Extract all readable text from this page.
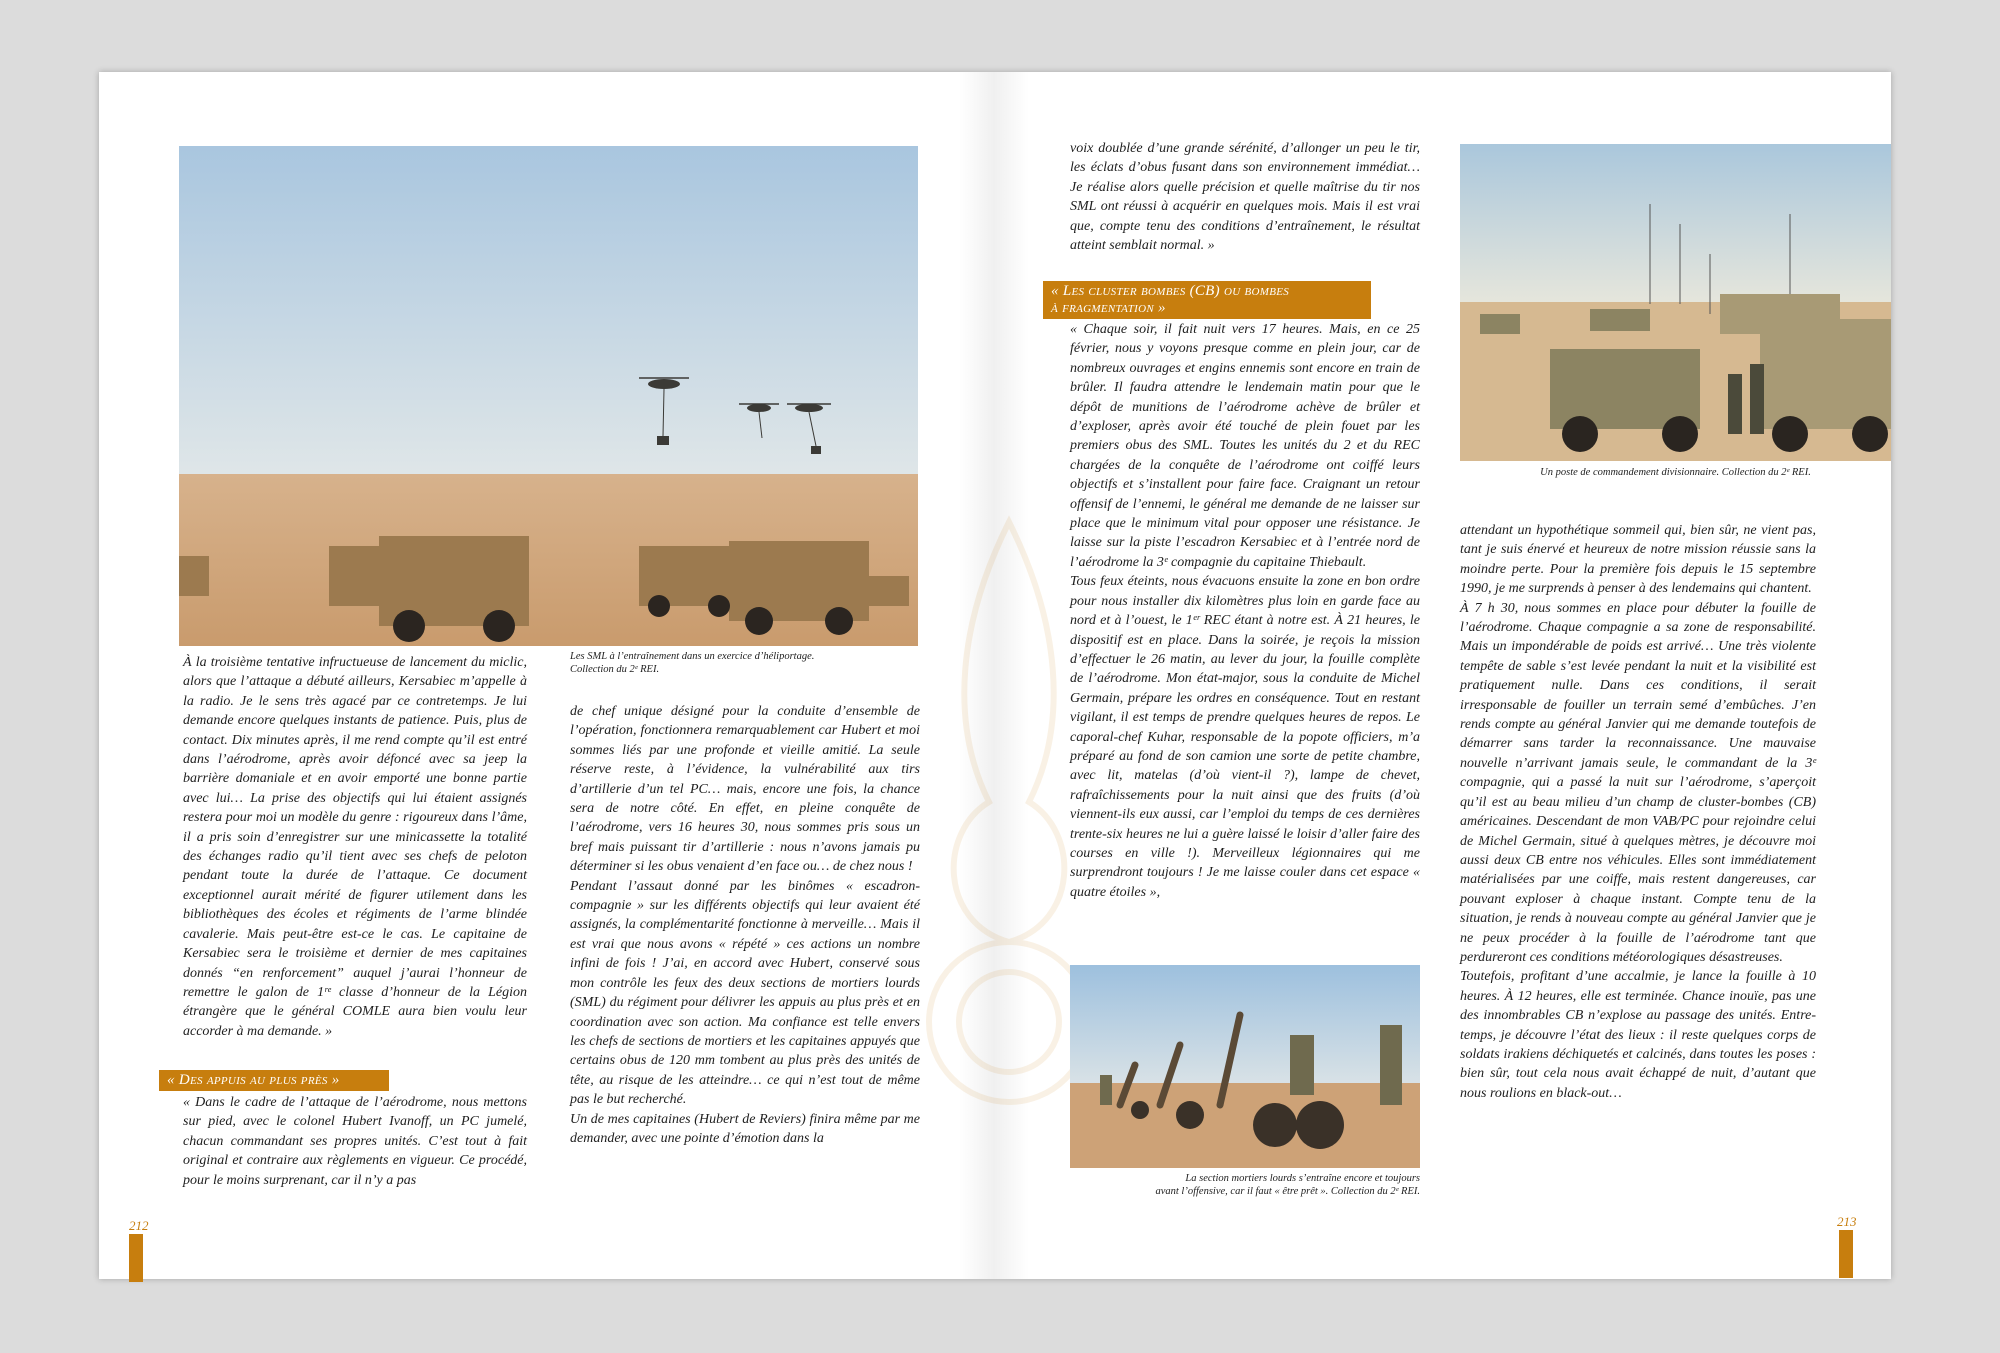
Les SML à l’entraînement dans un exercice d’héliportage.
Collection du 2ᵉ REI.

À la troisième tentative infructueuse de lancement du miclic, alors que l’attaque a débuté ailleurs, Kersabiec m’appelle à la radio. Je le sens très agacé par ce contretemps. Je lui demande encore quelques instants de patience. Puis, plus de contact. Dix minutes après, il me rend compte qu’il est entré dans l’aérodrome, après avoir défoncé avec sa jeep la barrière domaniale et en avoir emporté une bonne partie avec lui… La prise des objectifs qui lui étaient assignés restera pour moi un modèle du genre : rigoureux dans l’âme, il a pris soin d’enregistrer sur une minicassette la totalité des échanges radio qu’il tient avec ses chefs de peloton pendant toute la durée de l’attaque. Ce document exceptionnel aurait mérité de figurer utilement dans les bibliothèques des écoles et régiments de l’arme blindée cavalerie. Mais peut-être est-ce le cas. Le capitaine de Kersabiec sera le troisième et dernier de mes capitaines donnés “en renforcement” auquel j’aurai l’honneur de remettre le galon de 1ʳᵉ classe d’honneur de la Légion étrangère que le général COMLE aura bien voulu leur accorder à ma demande. »

« Des appuis au plus près »

« Dans le cadre de l’attaque de l’aérodrome, nous mettons sur pied, avec le colonel Hubert Ivanoff, un PC jumelé, chacun commandant ses propres unités. C’est tout à fait original et contraire aux règlements en vigueur. Ce procédé, pour le moins surprenant, car il n’y a pas

de chef unique désigné pour la conduite d’ensemble de l’opération, fonctionnera remarquablement car Hubert et moi sommes liés par une profonde et vieille amitié. La seule réserve reste, à l’évidence, la vulnérabilité aux tirs d’artillerie d’un tel PC… mais, encore une fois, la chance sera de notre côté. En effet, en pleine conquête de l’aérodrome, vers 16 heures 30, nous sommes pris sous un bref mais puissant tir d’artillerie : nous n’avons jamais pu déterminer si les obus venaient d’en face ou… de chez nous !

Pendant l’assaut donné par les binômes « escadron-compagnie » sur les différents objectifs qui leur avaient été assignés, la complémentarité fonctionne à merveille… Mais il est vrai que nous avons « répété » ces actions un nombre infini de fois ! J’ai, en accord avec Hubert, conservé sous mon contrôle les feux des deux sections de mortiers lourds (SML) du régiment pour délivrer les appuis au plus près et en coordination avec son action. Ma confiance est telle envers les chefs de sections de mortiers et les capitaines appuyés que certains obus de 120 mm tombent au plus près des unités de tête, au risque de les atteindre… ce qui n’est tout de même pas le but recherché.

Un de mes capitaines (Hubert de Reviers) finira même par me demander, avec une pointe d’émotion dans la

212

voix doublée d’une grande sérénité, d’allonger un peu le tir, les éclats d’obus fusant dans son environnement immédiat… Je réalise alors quelle précision et quelle maîtrise du tir nos SML ont réussi à acquérir en quelques mois. Mais il est vrai que, compte tenu des conditions d’entraînement, le résultat atteint semblait normal. »

« Les cluster bombes (CB) ou bombes
à fragmentation »

« Chaque soir, il fait nuit vers 17 heures. Mais, en ce 25 février, nous y voyons presque comme en plein jour, car de nombreux ouvrages et engins ennemis sont encore en train de brûler. Il faudra attendre le lendemain matin pour que le dépôt de munitions de l’aérodrome achève de brûler et d’exploser, après avoir été touché de plein fouet par les premiers obus des SML. Toutes les unités du 2 et du REC chargées de la conquête de l’aérodrome ont coiffé leurs objectifs et s’installent pour faire face. Craignant un retour offensif de l’ennemi, le général me demande de ne laisser sur place que le minimum vital pour opposer une résistance. Je laisse sur la piste l’escadron Kersabiec et à l’entrée nord de l’aérodrome la 3ᵉ compagnie du capitaine Thiebault.

Tous feux éteints, nous évacuons ensuite la zone en bon ordre pour nous installer dix kilomètres plus loin en garde face au nord et à l’ouest, le 1ᵉʳ REC étant à notre est. À 21 heures, le dispositif est en place. Dans la soirée, je reçois la mission d’effectuer le 26 matin, au lever du jour, la fouille complète de l’aérodrome. Mon état-major, sous la conduite de Michel Germain, prépare les ordres en conséquence. Tout en restant vigilant, il est temps de prendre quelques heures de repos. Le caporal-chef Kuhar, responsable de la popote officiers, m’a préparé au fond de son camion une sorte de petite chambre, avec lit, matelas (d’où vient-il ?), lampe de chevet, rafraîchissements pour la nuit ainsi que des fruits (d’où viennent-ils eux aussi, car l’emploi du temps de ces dernières trente-six heures ne lui a guère laissé le loisir d’aller faire des courses en ville !). Merveilleux légionnaires qui me surprendront toujours ! Je me laisse couler dans cet espace « quatre étoiles »,

La section mortiers lourds s’entraîne encore et toujours
avant l’offensive, car il faut « être prêt ». Collection du 2ᵉ REI.
Un poste de commandement divisionnaire. Collection du 2ᵉ REI.

attendant un hypothétique sommeil qui, bien sûr, ne vient pas, tant je suis énervé et heureux de notre mission réussie sans la moindre perte. Pour la première fois depuis le 15 septembre 1990, je me surprends à penser à des lendemains qui chantent.

À 7 h 30, nous sommes en place pour débuter la fouille de l’aérodrome. Chaque compagnie a sa zone de responsabilité. Mais un impondérable de poids est arrivé… Une très violente tempête de sable s’est levée pendant la nuit et la visibilité est pratiquement nulle. Dans ces conditions, il serait irresponsable de fouiller un terrain semé d’embûches. J’en rends compte au général Janvier qui me demande toutefois de démarrer sans tarder la reconnaissance. Une mauvaise nouvelle n’arrivant jamais seule, le commandant de la 3ᵉ compagnie, qui a passé la nuit sur l’aérodrome, s’aperçoit qu’il est au beau milieu d’un champ de cluster-bombes (CB) américaines. Descendant de mon VAB/PC pour rejoindre celui de Michel Germain, situé à quelques mètres, je découvre moi aussi deux CB entre nos véhicules. Elles sont immédiatement matérialisées par une coiffe, mais restent dangereuses, car pouvant exploser à chaque instant. Compte tenu de la situation, je rends à nouveau compte au général Janvier que je ne peux procéder à la fouille de l’aérodrome tant que perdureront ces conditions météorologiques désastreuses.

Toutefois, profitant d’une accalmie, je lance la fouille à 10 heures. À 12 heures, elle est terminée. Chance inouïe, pas une des innombrables CB n’explose au passage des unités. Entre-temps, je découvre l’état des lieux : il reste quelques corps de soldats irakiens déchiquetés et calcinés, dans toutes les poses : bien sûr, tout cela nous avait échappé de nuit, d’autant que nous roulions en black-out…

213
